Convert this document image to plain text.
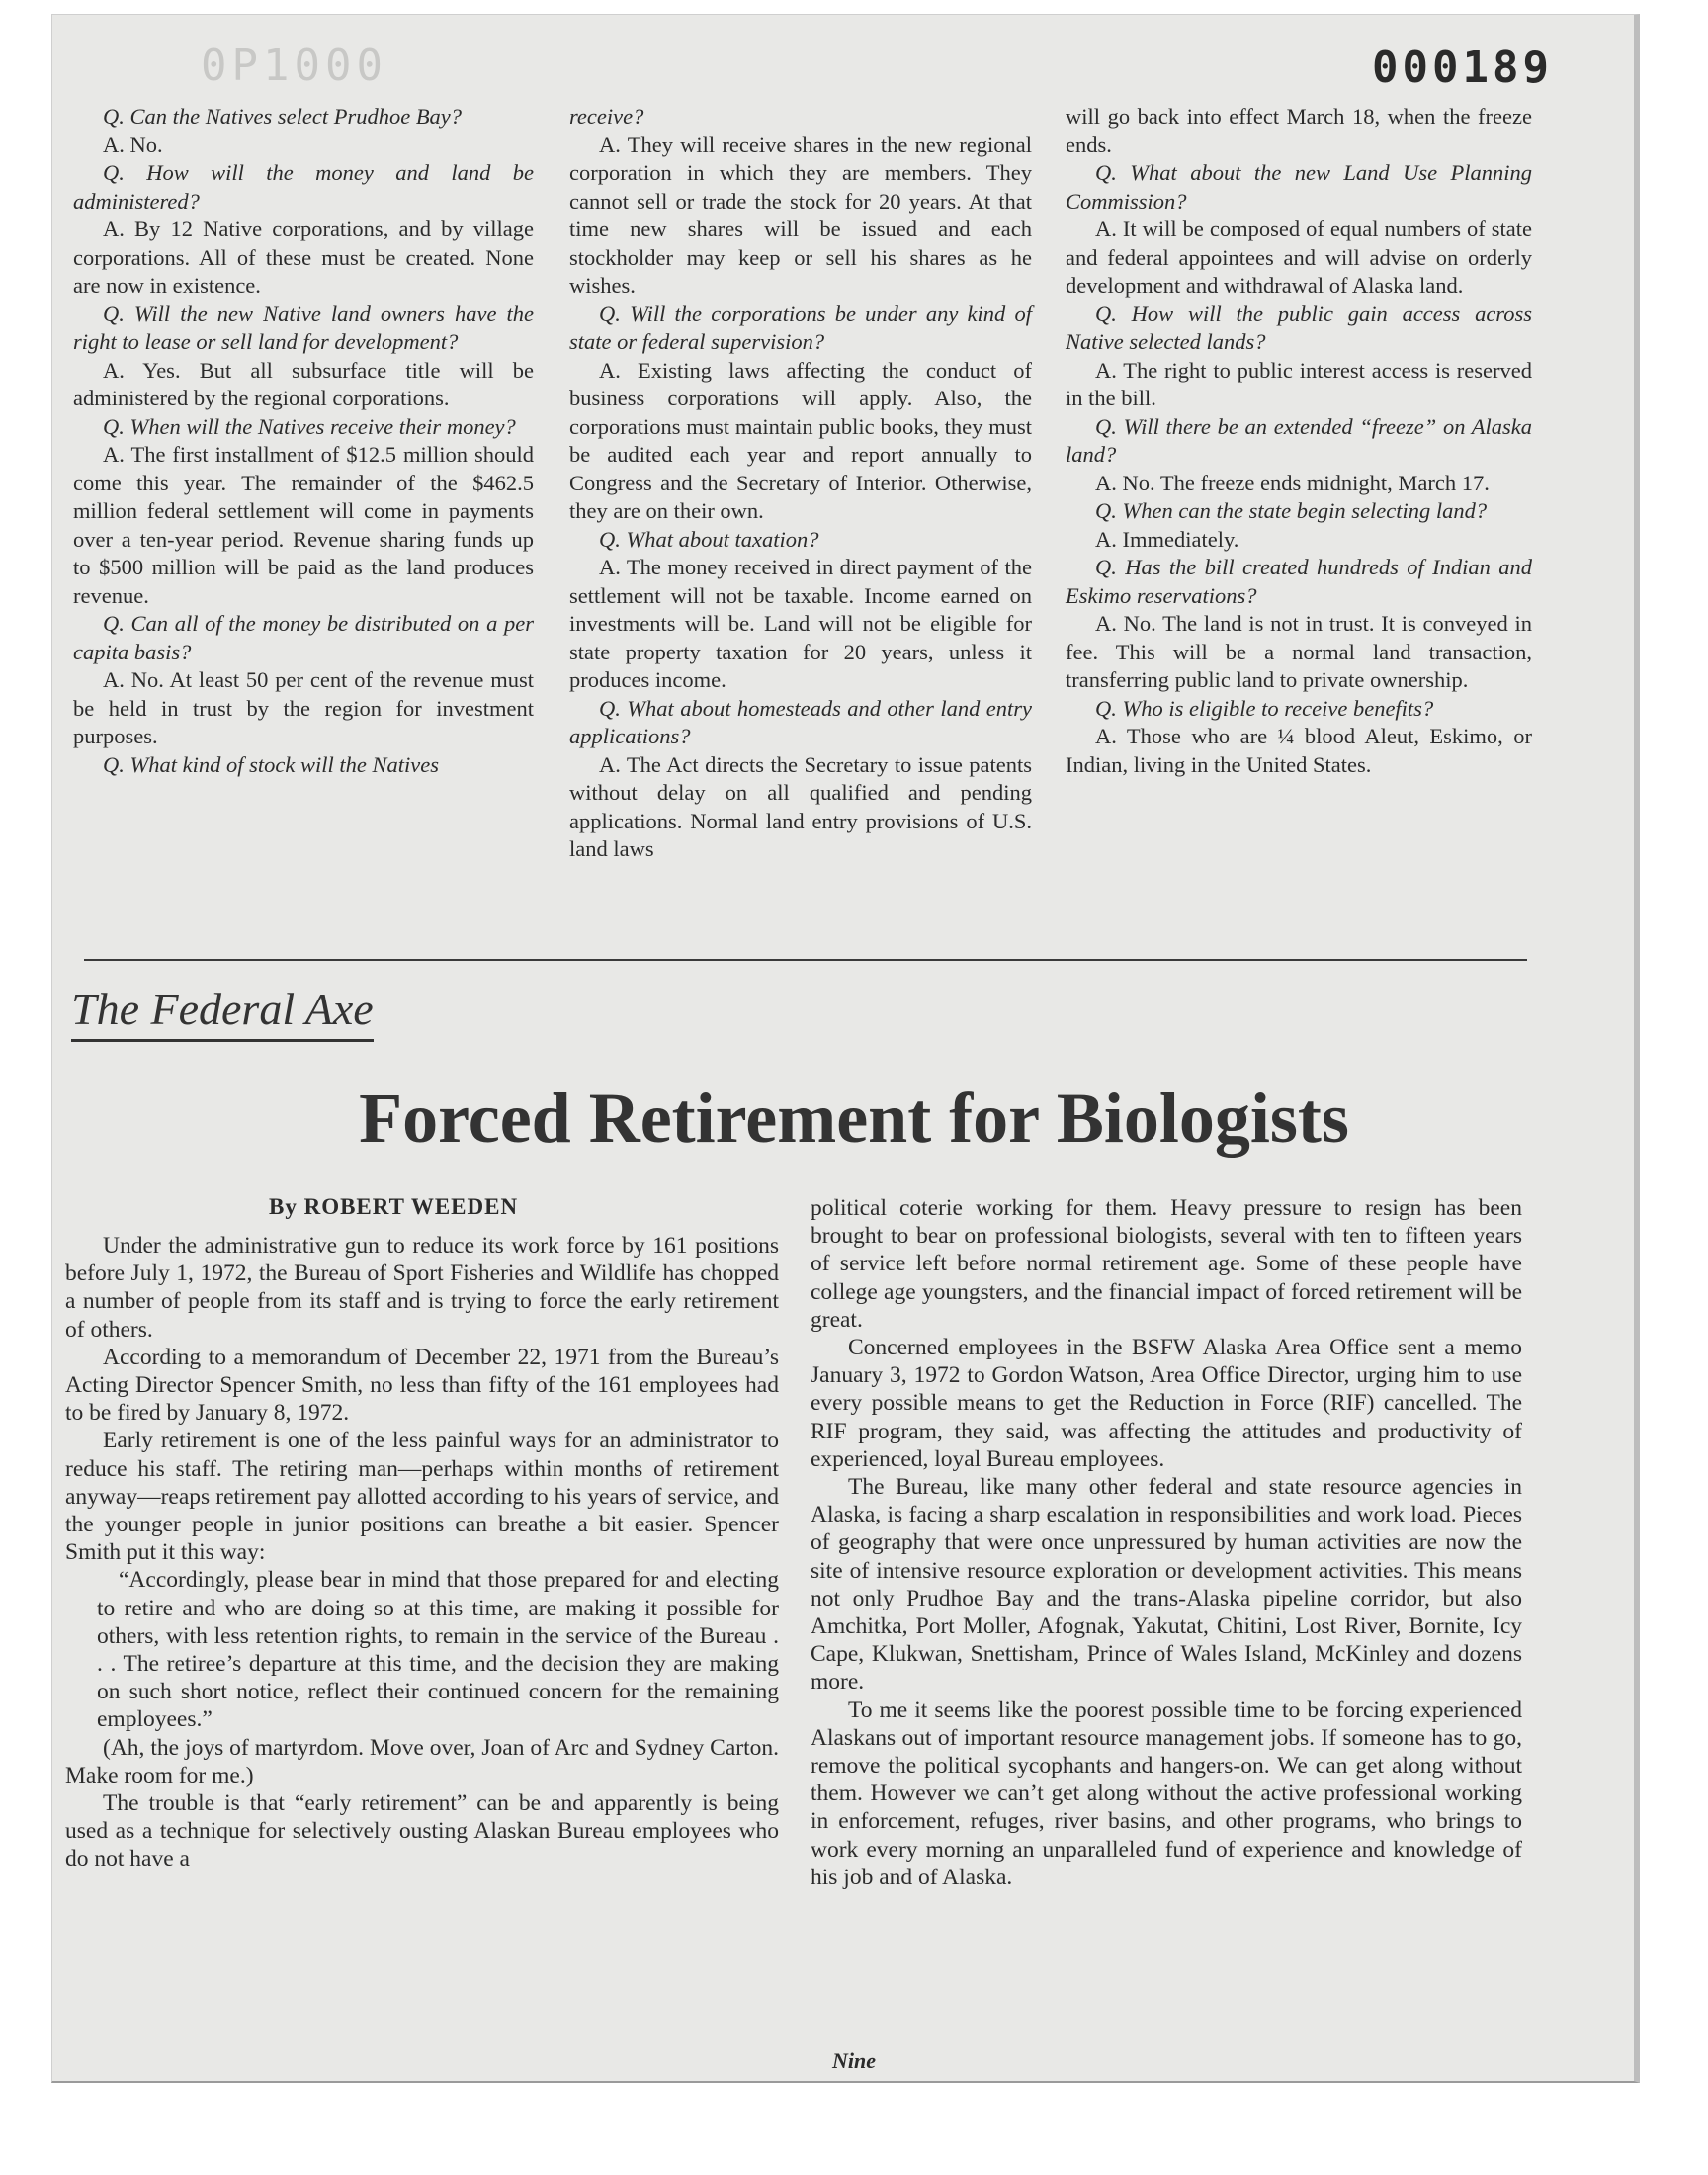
0P1000	000189

Q. Can the Natives select Prudhoe Bay?

A. No.

Q. How will the money and land be administered?

A. By 12 Native corporations, and by village corporations. All of these must be created. None are now in existence.

Q. Will the new Native land owners have the right to lease or sell land for development?

A. Yes. But all subsurface title will be administered by the regional corporations.

Q. When will the Natives receive their money?

A. The first installment of $12.5 million should come this year. The remainder of the $462.5 million federal settlement will come in payments over a ten-year period. Revenue sharing funds up to $500 million will be paid as the land produces revenue.

Q. Can all of the money be distributed on a per capita basis?

A. No. At least 50 per cent of the revenue must be held in trust by the region for investment purposes.

Q. What kind of stock will the Natives

receive?

A. They will receive shares in the new regional corporation in which they are members. They cannot sell or trade the stock for 20 years. At that time new shares will be issued and each stockholder may keep or sell his shares as he wishes.

Q. Will the corporations be under any kind of state or federal supervision?

A. Existing laws affecting the conduct of business corporations will apply. Also, the corporations must maintain public books, they must be audited each year and report annually to Congress and the Secretary of Interior. Otherwise, they are on their own.

Q. What about taxation?

A. The money received in direct payment of the settlement will not be taxable. Income earned on investments will be. Land will not be eligible for state property taxation for 20 years, unless it produces income.

Q. What about homesteads and other land entry applications?

A. The Act directs the Secretary to issue patents without delay on all qualified and pending applications. Normal land entry provisions of U.S. land laws

will go back into effect March 18, when the freeze ends.

Q. What about the new Land Use Planning Commission?

A. It will be composed of equal numbers of state and federal appointees and will advise on orderly development and withdrawal of Alaska land.

Q. How will the public gain access across Native selected lands?

A. The right to public interest access is reserved in the bill.

Q. Will there be an extended “freeze” on Alaska land?

A. No. The freeze ends midnight, March 17.

Q. When can the state begin selecting land?

A. Immediately.

Q. Has the bill created hundreds of Indian and Eskimo reservations?

A. No. The land is not in trust. It is conveyed in fee. This will be a normal land transaction, transferring public land to private ownership.

Q. Who is eligible to receive benefits?

A. Those who are ¼ blood Aleut, Eskimo, or Indian, living in the United States.

The Federal Axe
Forced Retirement for Biologists
By ROBERT WEEDEN

Under the administrative gun to reduce its work force by 161 positions before July 1, 1972, the Bureau of Sport Fisheries and Wildlife has chopped a number of people from its staff and is trying to force the early retirement of others.

According to a memorandum of December 22, 1971 from the Bureau’s Acting Director Spencer Smith, no less than fifty of the 161 employees had to be fired by January 8, 1972.

Early retirement is one of the less painful ways for an administrator to reduce his staff. The retiring man—perhaps within months of retirement anyway—reaps retirement pay allotted according to his years of service, and the younger people in junior positions can breathe a bit easier. Spencer Smith put it this way:

“Accordingly, please bear in mind that those prepared for and electing to retire and who are doing so at this time, are making it possible for others, with less retention rights, to remain in the service of the Bureau . . . The retiree’s departure at this time, and the decision they are making on such short notice, reflect their continued concern for the remaining employees.”

(Ah, the joys of martyrdom. Move over, Joan of Arc and Sydney Carton. Make room for me.)

The trouble is that “early retirement” can be and apparently is being used as a technique for selectively ousting Alaskan Bureau employees who do not have a

political coterie working for them. Heavy pressure to resign has been brought to bear on professional biologists, several with ten to fifteen years of service left before normal retirement age. Some of these people have college age youngsters, and the financial impact of forced retirement will be great.

Concerned employees in the BSFW Alaska Area Office sent a memo January 3, 1972 to Gordon Watson, Area Office Director, urging him to use every possible means to get the Reduction in Force (RIF) cancelled. The RIF program, they said, was affecting the attitudes and productivity of experienced, loyal Bureau employees.

The Bureau, like many other federal and state resource agencies in Alaska, is facing a sharp escalation in responsibilities and work load. Pieces of geography that were once unpressured by human activities are now the site of intensive resource exploration or development activities. This means not only Prudhoe Bay and the trans-Alaska pipeline corridor, but also Amchitka, Port Moller, Afognak, Yakutat, Chitini, Lost River, Bornite, Icy Cape, Klukwan, Snettisham, Prince of Wales Island, McKinley and dozens more.

To me it seems like the poorest possible time to be forcing experienced Alaskans out of important resource management jobs. If someone has to go, remove the political sycophants and hangers-on. We can get along without them. However we can’t get along without the active professional working in enforcement, refuges, river basins, and other programs, who brings to work every morning an unparalleled fund of experience and knowledge of his job and of Alaska.

Nine
